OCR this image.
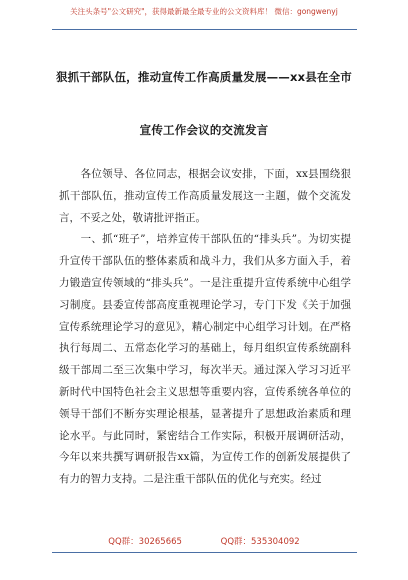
关注头条号"公文研究"，获得最新最全最专业的公文资料库！ 微信：gongwenyj
狠抓干部队伍，推动宣传工作高质量发展——xx县在全市
宣传工作会议的交流发言

　　各位领导、各位同志，根据会议安排，下面，xx县围绕狠抓干部队伍，推动宣传工作高质量发展这一主题，做个交流发言，不妥之处，敬请批评指正。

　　一、抓“班子”，培养宣传干部队伍的“排头兵”。为切实提升宣传干部队伍的整体素质和战斗力，我们从多方面入手，着力锻造宣传领域的“排头兵”。一是注重提升宣传系统中心组学习制度。县委宣传部高度重视理论学习，专门下发《关于加强宣传系统理论学习的意见》，精心制定中心组学习计划。在严格执行每周二、五常态化学习的基础上，每月组织宣传系统副科级干部周二至三次集中学习，每次半天。通过深入学习习近平新时代中国特色社会主义思想等重要内容，宣传系统各单位的领导干部们不断夯实理论根基，显著提升了思想政治素质和理论水平。与此同时，紧密结合工作实际，积极开展调研活动，今年以来共撰写调研报告xx篇，为宣传工作的创新发展提供了有力的智力支持。二是注重干部队伍的优化与充实。经过

QQ群：30265665	QQ群：535304092
